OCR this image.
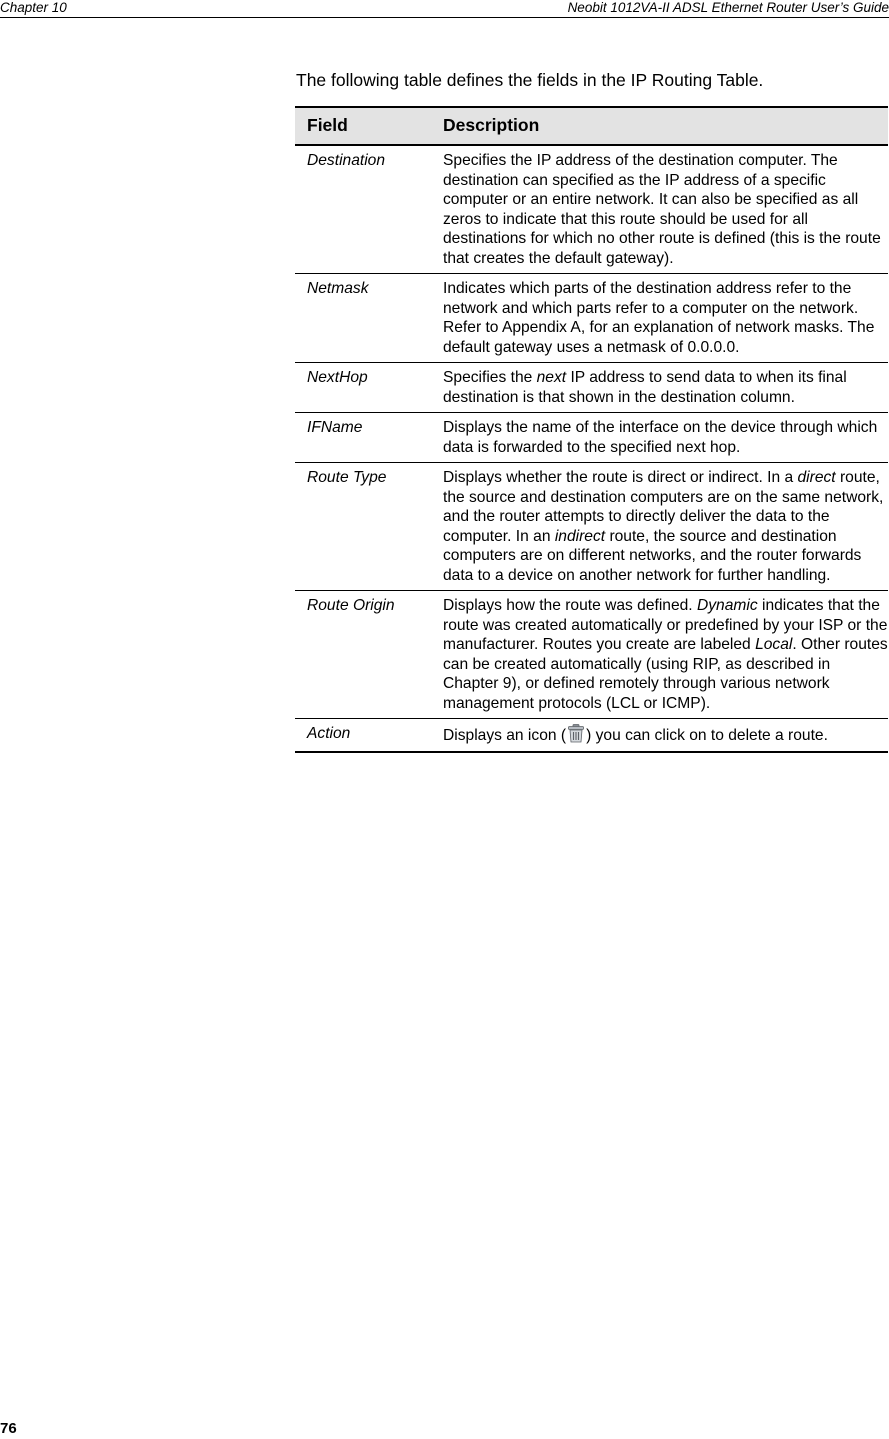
Chapter 10	Neobit 1012VA-II ADSL Ethernet Router User’s Guide
The following table defines the fields in the IP Routing Table.
Field	Description
Destination	Specifies the IP address of the destination computer. The destination can specified as the IP address of a specific computer or an entire network. It can also be specified as all zeros to indicate that this route should be used for all destinations for which no other route is defined (this is the route that creates the default gateway).
Netmask	Indicates which parts of the destination address refer to the network and which parts refer to a computer on the network. Refer to Appendix A, for an explanation of network masks. The default gateway uses a netmask of 0.0.0.0.
NextHop	Specifies the next IP address to send data to when its final destination is that shown in the destination column.
IFName	Displays the name of the interface on the device through which data is forwarded to the specified next hop.
Route Type	Displays whether the route is direct or indirect. In a direct route, the source and destination computers are on the same network, and the router attempts to directly deliver the data to the computer. In an indirect route, the source and destination computers are on different networks, and the router forwards data to a device on another network for further handling.
Route Origin	Displays how the route was defined. Dynamic indicates that the route was created automatically or predefined by your ISP or the manufacturer. Routes you create are labeled Local. Other routes can be created automatically (using RIP, as described in Chapter 9), or defined remotely through various network management protocols (LCL or ICMP).
Action	Displays an icon ( ) you can click on to delete a route.
76
